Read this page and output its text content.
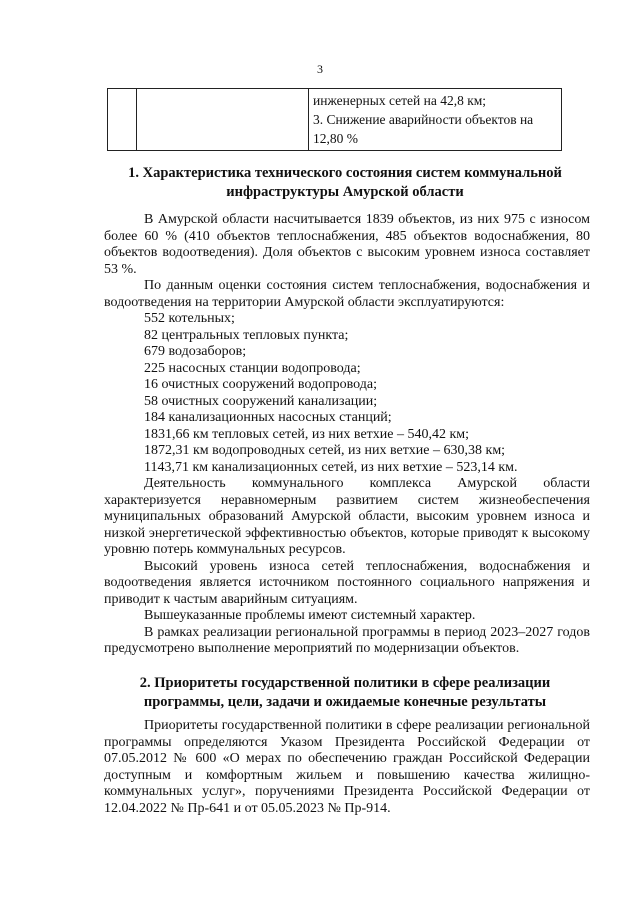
3

инженерных сетей на 42,8 км;
3. Снижение аварийности объектов на
12,80 %
1. Характеристика технического состояния систем коммунальной
инфраструктуры Амурской области

В Амурской области насчитывается 1839 объектов, из них 975 с износом более 60 % (410 объектов теплоснабжения, 485 объектов водоснабжения, 80 объектов водоотведения). Доля объектов с высоким уровнем износа составляет 53 %.

По данным оценки состояния систем теплоснабжения, водоснабжения и водоотведения на территории Амурской области эксплуатируются:

552 котельных;

82 центральных тепловых пункта;

679 водозаборов;

225 насосных станции водопровода;

16 очистных сооружений водопровода;

58 очистных сооружений канализации;

184 канализационных насосных станций;

1831,66 км тепловых сетей, из них ветхие – 540,42 км;

1872,31 км водопроводных сетей, из них ветхие – 630,38 км;

1143,71 км канализационных сетей, из них ветхие – 523,14 км.

Деятельность коммунального комплекса Амурской области характеризуется неравномерным развитием систем жизнеобеспечения муниципальных образований Амурской области, высоким уровнем износа и низкой энергетической эффективностью объектов, которые приводят к высокому уровню потерь коммунальных ресурсов.

Высокий уровень износа сетей теплоснабжения, водоснабжения и водоотведения является источником постоянного социального напряжения и приводит к частым аварийным ситуациям.

Вышеуказанные проблемы имеют системный характер.

В рамках реализации региональной программы в период 2023–2027 годов предусмотрено выполнение мероприятий по модернизации объектов.

2. Приоритеты государственной политики в сфере реализации
программы, цели, задачи и ожидаемые конечные результаты

Приоритеты государственной политики в сфере реализации региональной программы определяются Указом Президента Российской Федерации от 07.05.2012 № 600 «О мерах по обеспечению граждан Российской Федерации доступным и комфортным жильем и повышению качества жилищно-коммунальных услуг», поручениями Президента Российской Федерации от 12.04.2022 № Пр-641 и от 05.05.2023 № Пр-914.
